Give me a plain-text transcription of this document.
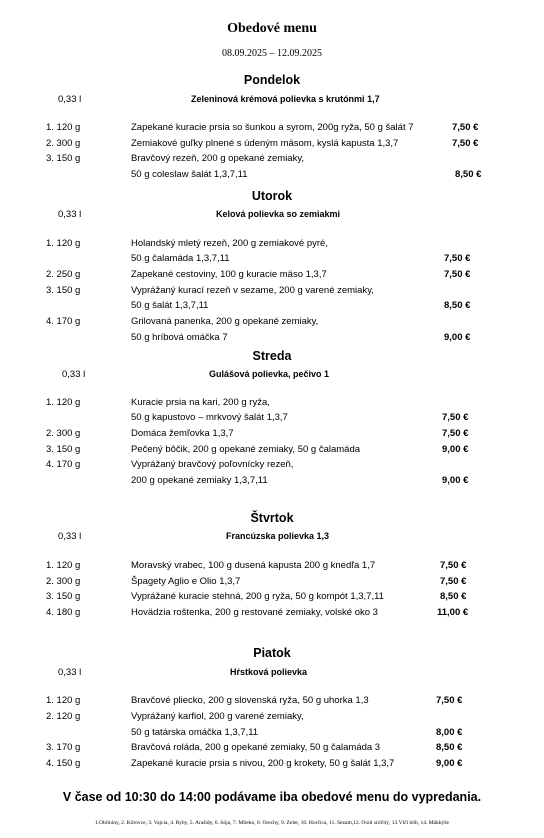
Obedové menu
08.09.2025 – 12.09.2025
Pondelok
0,33 l	Zeleninová krémová polievka s krutónmi 1,7
1. 120 g	Zapekané kuracie prsia so šunkou a syrom, 200g ryža, 50 g šalát 7	7,50 €
2. 300 g	Zemiakové guľky plnené s údeným mäsom, kyslá kapusta 1,3,7	7,50 €
3. 150 g	Bravčový rezeň, 200 g opekané zemiaky,
50 g coleslaw šalát 1,3,7,11	8,50 €
Utorok
0,33 l	Kelová polievka so zemiakmi
1. 120 g	Holandský mletý rezeň, 200 g zemiakové pyré,
50 g čalamáda 1,3,7,11	7,50 €
2. 250 g	Zapekané cestoviny, 100 g kuracie mäso 1,3,7	7,50 €
3. 150 g	Vyprážaný kurací rezeň v sezame, 200 g varené zemiaky,
50 g šalát 1,3,7,11	8,50 €
4. 170 g	Grilovaná panenka, 200 g opekané zemiaky,
50 g hríbová omáčka 7	9,00 €
Streda
0,33 l	Gulášová polievka, pečivo 1
1. 120 g	Kuracie prsia na kari, 200 g ryža,
50 g kapustovo – mrkvový šalát 1,3,7	7,50 €
2. 300 g	Domáca žemľovka 1,3,7	7,50 €
3. 150 g	Pečený bôčik, 200 g opekané zemiaky, 50 g čalamáda	9,00 €
4. 170 g	Vyprážaný bravčový poľovnícky rezeň,
200 g opekané zemiaky 1,3,7,11	9,00 €
Štvrtok
0,33 l	Francúzska polievka 1,3
1. 120 g	Moravský vrabec, 100 g dusená kapusta 200 g knedľa 1,7	7,50 €
2. 300 g	Špagety Aglio e Olio 1,3,7	7,50 €
3. 150 g	Vyprážané kuracie stehná, 200 g ryža, 50 g kompót 1,3,7,11	8,50 €
4. 180 g	Hovädzia roštenka, 200 g restované zemiaky, volské oko 3	11,00 €
Piatok
0,33 l	Hŕstková polievka
1. 120 g	Bravčové pliecko, 200 g slovenská ryža, 50 g uhorka 1,3	7,50 €
2. 120 g	Vyprážaný karfiol, 200 g varené zemiaky,
50 g tatárska omáčka 1,3,7,11	8,00 €
3. 170 g	Bravčová roláda, 200 g opekané zemiaky, 50 g čalamáda 3	8,50 €
4. 150 g	Zapekané kuracie prsia s nivou, 200 g krokety, 50 g šalát 1,3,7	9,00 €
V čase od 10:30 do 14:00 podávame iba obedové menu do vypredania.
1.Obilniny, 2. Kôrovce, 3. Vajcia, 4. Ryby, 5. Arašidy, 6. Sója, 7. Mlieko, 8. Orechy, 9. Zeler, 10. Horčica, 11. Sezam,12. Oxid siričitý, 13.Vlčí bôb, 14. Mäkkýše
